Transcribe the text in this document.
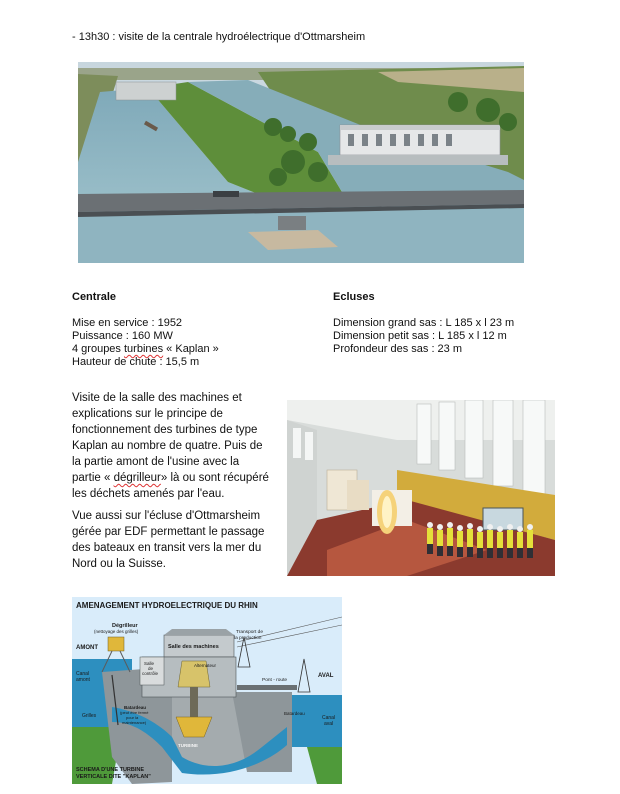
- 13h30 : visite de la centrale hydroélectrique d'Ottmarsheim
Centrale
Mise en service : 1952
Puissance : 160 MW
4 groupes turbines « Kaplan »
Hauteur de chute : 15,5 m
Ecluses
Dimension grand sas : L 185 x l 23 m
Dimension petit sas : L 185 x l 12 m
Profondeur des sas : 23 m
Visite de la salle des machines et
explications sur le principe de
fonctionnement des turbines de type
Kaplan au nombre de quatre. Puis de
la partie amont de l'usine avec la
partie « dégrilleur» là ou sont récupéré
les déchets amenés par l'eau.
Vue aussi sur l'écluse d'Ottmarsheim
gérée par EDF permettant le passage
des bateaux en transit vers la mer du
Nord ou la Suisse.
AMENAGEMENT HYDROELECTRIQUE DU RHIN
Dégrilleur
(nettoyage des grilles)
AMONT
Canal
amont
Salle
de
contrôle
Salle des machines
Alternateur
Transport de
la production
Pont - route
AVAL
Grilles
Batardeau
(peut être fermé
pour la
maintenance)
TURBINE
Batardeau
Canal
aval
SCHEMA D'UNE TURBINE
VERTICALE DITE "KAPLAN"
